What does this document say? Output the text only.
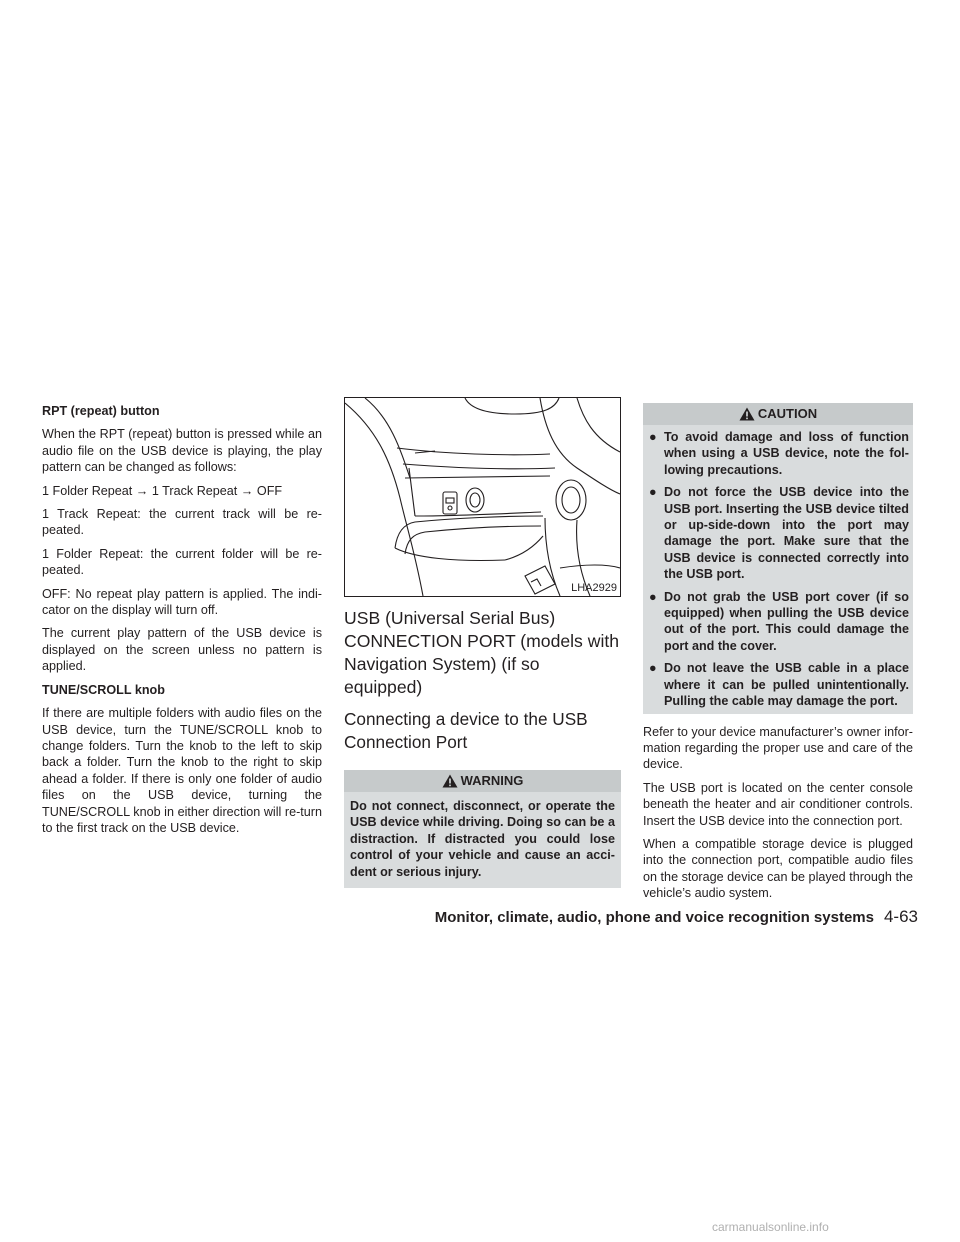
RPT (repeat) button

When the RPT (repeat) button is pressed while an audio file on the USB device is playing, the play pattern can be changed as follows:

1 Folder Repeat → 1 Track Repeat → OFF

1 Track Repeat: the current track will be re-peated.

1 Folder Repeat: the current folder will be re-peated.

OFF: No repeat play pattern is applied. The indi-cator on the display will turn off.

The current play pattern of the USB device is displayed on the screen unless no pattern is applied.

TUNE/SCROLL knob

If there are multiple folders with audio files on the USB device, turn the TUNE/SCROLL knob to change folders. Turn the knob to the left to skip back a folder. Turn the knob to the right to skip ahead a folder. If there is only one folder of audio files on the USB device, turning the TUNE/SCROLL knob in either direction will re-turn to the first track on the USB device.

LHA2929
USB (Universal Serial Bus) CONNECTION PORT (models with Navigation System) (if so equipped)
Connecting a device to the USB Connection Port
WARNING
Do not connect, disconnect, or operate the USB device while driving. Doing so can be a distraction. If distracted you could lose control of your vehicle and cause an acci-dent or serious injury.
CAUTION
● To avoid damage and loss of function when using a USB device, note the fol-lowing precautions.
● Do not force the USB device into the USB port. Inserting the USB device tilted or up-side-down into the port may damage the port. Make sure that the USB device is connected correctly into the USB port.
● Do not grab the USB port cover (if so equipped) when pulling the USB device out of the port. This could damage the port and the cover.
● Do not leave the USB cable in a place where it can be pulled unintentionally. Pulling the cable may damage the port.

Refer to your device manufacturer’s owner infor-mation regarding the proper use and care of the device.

The USB port is located on the center console beneath the heater and air conditioner controls. Insert the USB device into the connection port.

When a compatible storage device is plugged into the connection port, compatible audio files on the storage device can be played through the vehicle’s audio system.

Monitor, climate, audio, phone and voice recognition systems 4-63
carmanualsonline.info
